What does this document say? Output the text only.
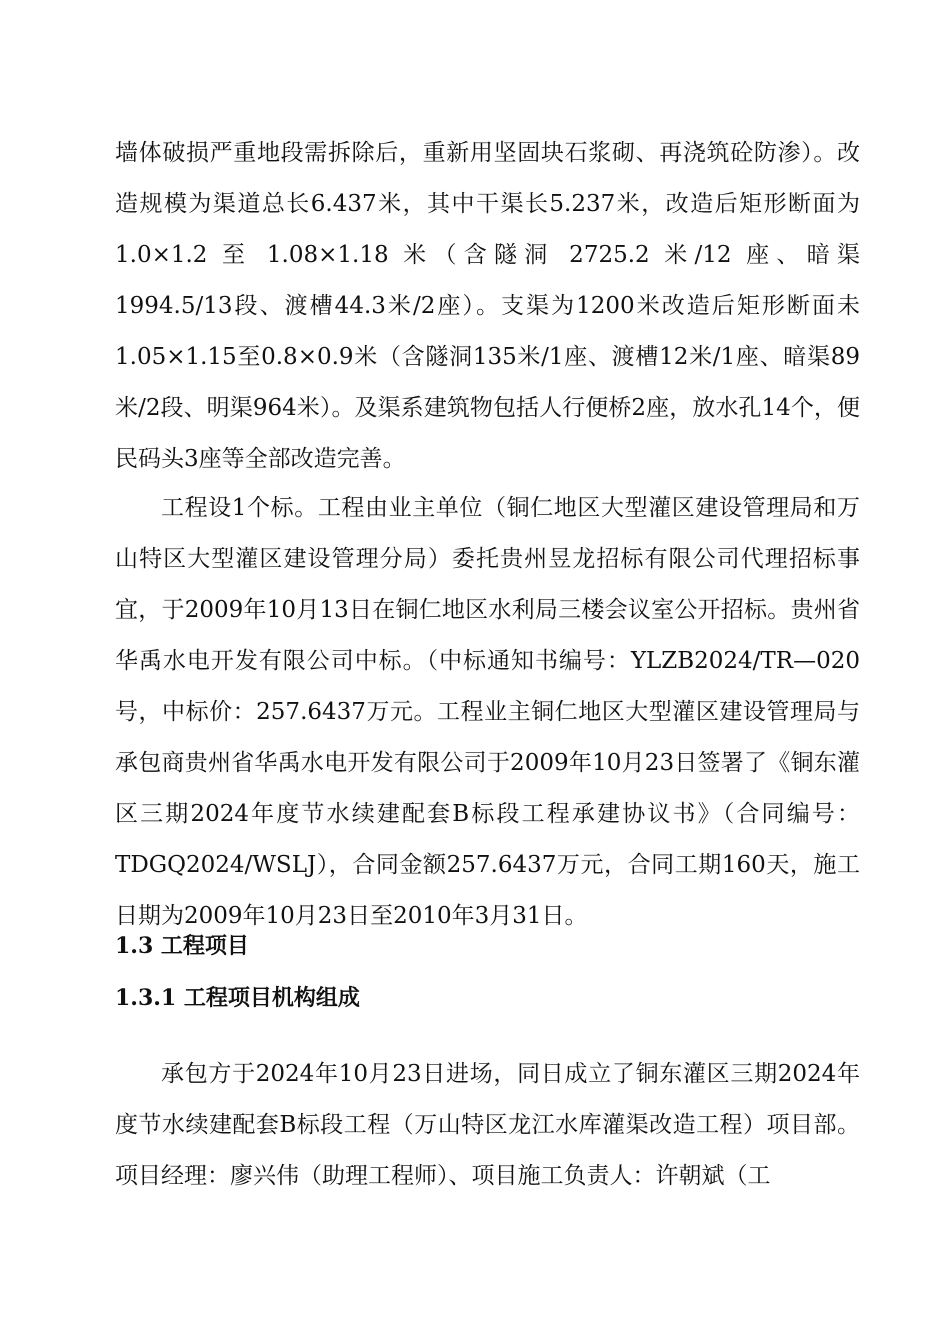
墙体破损严重地段需拆除后，重新用坚固块石浆砌、再浇筑砼防渗）。改造规模为渠道总长6.437米，其中干渠长5.237米，改造后矩形断面为 1.0×1.2 至 1.08×1.18 米（含隧洞 2725.2 米/12 座、暗渠1994.5/13段、渡槽44.3米/2座）。支渠为1200米改造后矩形断面未1.05×1.15至0.8×0.9米（含隧洞135米/1座、渡槽12米/1座、暗渠89米/2段、明渠964米）。及渠系建筑物包括人行便桥2座，放水孔14个，便民码头3座等全部改造完善。

工程设1个标。工程由业主单位（铜仁地区大型灌区建设管理局和万山特区大型灌区建设管理分局）委托贵州昱龙招标有限公司代理招标事宜，于2009年10月13日在铜仁地区水利局三楼会议室公开招标。贵州省华禹水电开发有限公司中标。（中标通知书编号：YLZB2024/TR—020号，中标价：257.6437万元。工程业主铜仁地区大型灌区建设管理局与承包商贵州省华禹水电开发有限公司于2009年10月23日签署了《铜东灌区三期2024年度节水续建配套B标段工程承建协议书》（合同编号：TDGQ2024/WSLJ），合同金额257.6437万元，合同工期160天，施工日期为2009年10月23日至2010年3月31日。

1.3 工程项目
1.3.1 工程项目机构组成

承包方于2024年10月23日进场，同日成立了铜东灌区三期2024年度节水续建配套B标段工程（万山特区龙江水库灌渠改造工程）项目部。项目经理：廖兴伟（助理工程师）、项目施工负责人：许朝斌（工
